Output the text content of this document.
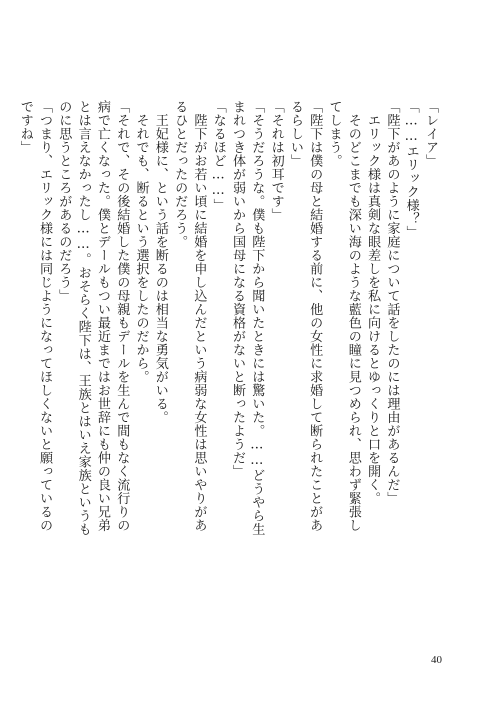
「レイア」

「……エリック様？」

「陛下があのように家庭について話をしたのには理由があるんだ」

　エリック様は真剣な眼差しを私に向けるとゆっくりと口を開く。

　そのどこまでも深い海のような藍色の瞳に見つめられ、思わず緊張してしまう。

「陛下は僕の母と結婚する前に、他の女性に求婚して断られたことがあるらしい」

「それは初耳です」

「そうだろうな。僕も陛下から聞いたときには驚いた。……どうやら生まれつき体が弱いから国母になる資格がないと断ったようだ」

「なるほど……」

　陛下がお若い頃に結婚を申し込んだという病弱な女性は思いやりがあるひとだったのだろう。

　王妃様に、という話を断るのは相当な勇気がいる。

　それでも、断るという選択をしたのだから。

「それで、その後結婚した僕の母親もデールを生んで間もなく流行りの病で亡くなった。僕とデールもつい最近まではお世辞にも仲の良い兄弟とは言えなかったし……。おそらく陛下は、王族とはいえ家族というものに思うところがあるのだろう」

「つまり、エリック様には同じようになってほしくないと願っているのですね」

40
